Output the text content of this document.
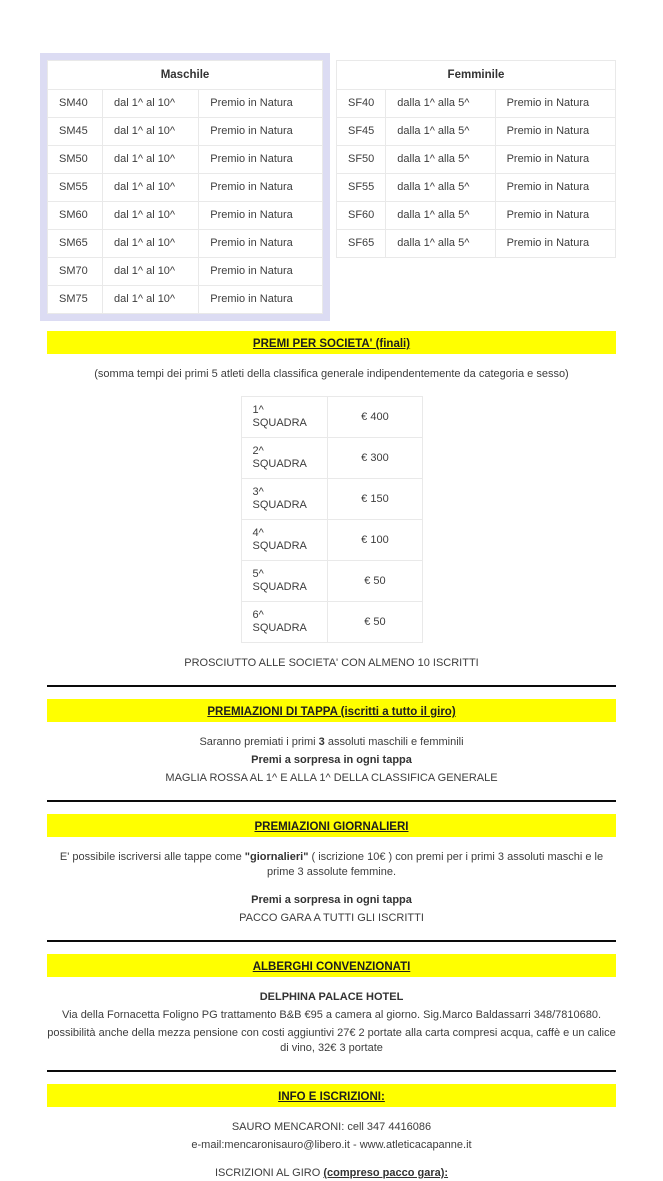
Maschile		
SM40	dal 1^ al 10^	Premio in Natura
SM45	dal 1^ al 10^	Premio in Natura
SM50	dal 1^ al 10^	Premio in Natura
SM55	dal 1^ al 10^	Premio in Natura
SM60	dal 1^ al 10^	Premio in Natura
SM65	dal 1^ al 10^	Premio in Natura
SM70	dal 1^ al 10^	Premio in Natura
SM75	dal 1^ al 10^	Premio in Natura
Femminile		
SF40	dalla 1^ alla 5^	Premio in Natura
SF45	dalla 1^ alla 5^	Premio in Natura
SF50	dalla 1^ alla 5^	Premio in Natura
SF55	dalla 1^ alla 5^	Premio in Natura
SF60	dalla 1^ alla 5^	Premio in Natura
SF65	dalla 1^ alla 5^	Premio in Natura
PREMI PER SOCIETA' (finali)

(somma tempi dei primi 5 atleti della classifica generale indipendentemente da categoria e sesso)

1^ SQUADRA	€ 400
2^ SQUADRA	€ 300
3^ SQUADRA	€ 150
4^ SQUADRA	€ 100
5^ SQUADRA	€ 50
6^ SQUADRA	€ 50

PROSCIUTTO ALLE SOCIETA' CON ALMENO 10 ISCRITTI

PREMIAZIONI DI TAPPA (iscritti a tutto il giro)

Saranno premiati i primi 3 assoluti maschili e femminili

Premi a sorpresa in ogni tappa

MAGLIA ROSSA AL 1^ E ALLA 1^ DELLA CLASSIFICA GENERALE

PREMIAZIONI GIORNALIERI

E' possibile iscriversi alle tappe come "giornalieri" ( iscrizione 10€ ) con premi per i primi 3 assoluti maschi e le prime 3 assolute femmine.

Premi a sorpresa in ogni tappa

PACCO GARA A TUTTI GLI ISCRITTI

ALBERGHI CONVENZIONATI

DELPHINA PALACE HOTEL

Via della Fornacetta Foligno PG trattamento B&B €95 a camera al giorno. Sig.Marco Baldassarri 348/7810680.

possibilità anche della mezza pensione con costi aggiuntivi 27€ 2 portate alla carta compresi acqua, caffè e un calice di vino, 32€ 3 portate

INFO E ISCRIZIONI:

SAURO MENCARONI: cell 347 4416086

e-mail:mencaronisauro@libero.it - www.atleticacapanne.it

ISCRIZIONI AL GIRO (compreso pacco gara):
